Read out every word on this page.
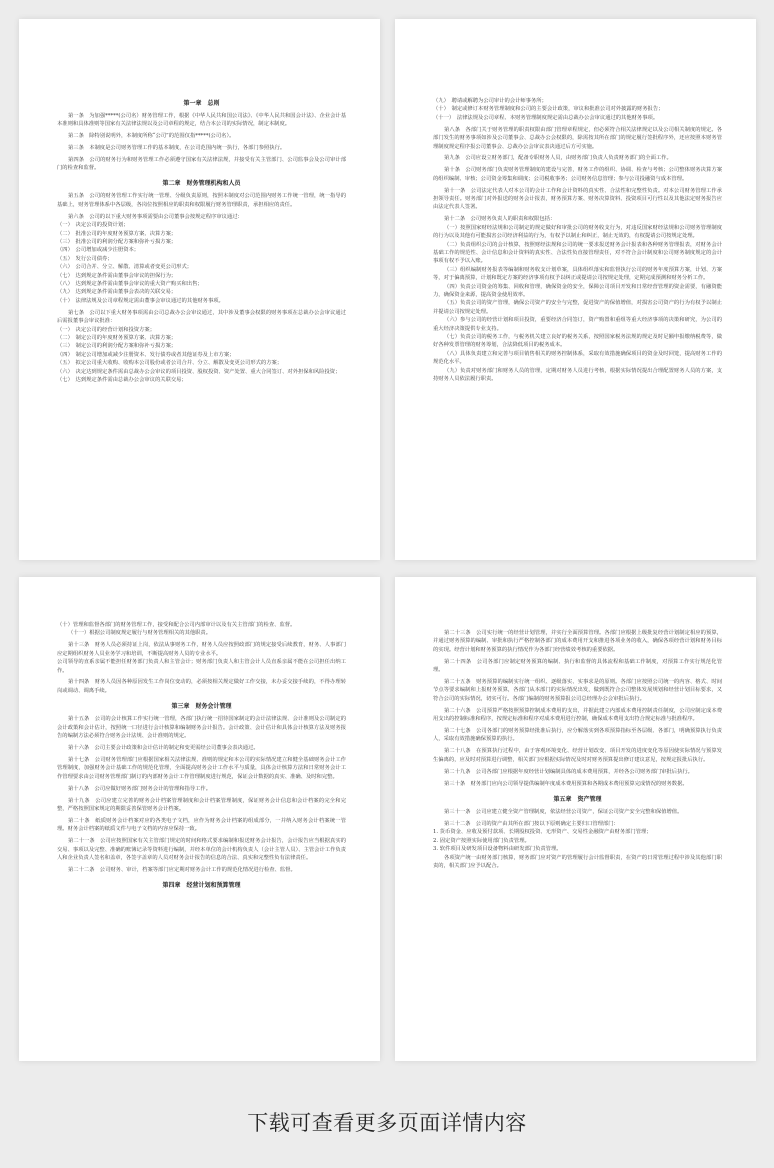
第一章　总则

第一条　为加强*****(公司名）财务管理工作，根据《中华人民共和国公司法》、《中华人民共和国会计法》、企业会计基本准则和具体准则等国家有关法律法规以及公司章程的规定，结合本公司的实际情况，制定本制度。

第二条　除特别说明外，本制度所称“公司”的范围仅指*****(公司名）。

第三条　本制度是公司财务管理工作的基本制度，在公司范围内统一执行，各部门参照执行。

第四条　公司的财务行为和财务管理工作必须遵守国家有关法律法规，并接受有关主管部门、公司监事会及公司审计部门的检查和监督。

第二章　财务管理机构和人员

第五条　公司的财务管理工作实行统一管理、分级负责原则，按照本制度对公司范围内财务工作统一管理，统一指导的基础上，财务管理体系中各层级，各岗位按照相应的职责和权限履行财务管理职责，承担相应的责任。

第六条　公司的以下重大财务事项需要由公司董事会按规定程序审议通过：

（一）　决定公司的投资计划；

（二）　批准公司的年度财务预算方案、决算方案；

（三）　批准公司的利润分配方案和弥补亏损方案；

（四）　公司增加或减少注册资本；

（五）　发行公司债券；

（六）　公司合并、分立、解散、清算或者变更公司形式；

（七）　达到规定条件需由董事会审议的担保行为；

（八）　达到规定条件需由董事会审议的重大资产购买和出售；

（九）　达到规定条件需由董事会表决的关联交易；

（十）　法律法规及公司章程规定需由董事会审议通过的其他财务事项。

第七条　公司以下重大财务事项需由公司总裁办公会审议通过，其中涉及董事会权限的财务事项在总裁办公会审议通过后需报董事会审议批准：

（一）　决定公司的经营计划和投资方案；

（二）　制定公司的年度财务预算方案、决算方案；

（三）　制定公司的利润分配方案和弥补亏损方案；

（四）　制定公司增加或减少注册资本、发行债券或者其他证券及上市方案；

（五）　拟定公司重大收购、收购本公司股份或者公司合并、分立、解散及变更公司形式的方案；

（六）　决定达到规定条件需由总裁办公会审议的项目投资、股权投资、资产处置、重大合同签订、对外担保和风险投资；

（七）　达到规定条件需由总裁办公会审议的关联交易；

（九）　聘请或解聘为公司审计的会计师事务所；

（十）　制定或修订本财务管理制度和公司的主要会计政策，审议和批准公司对外披露的财务报告；

（十一）　法律法规及公司章程、本财务管理制度规定需由总裁办公会审议通过的其他财务事项。

第八条　各部门关于财务管理的职责权限由部门管理章程规定，但必须符合相关法律规定以及公司相关制度的规定。各部门发生的财务事项如涉及公司董事会、总裁办公会权限的，除需按其所在部门的规定履行签批程序外，还应按照本财务管理制度规定程序报公司董事会、总裁办公会审议表决通过后方可实施。

第九条　公司应设立财务部门，配备专职财务人员，由财务部门负责人负责财务部门的全面工作。

第十条　公司财务部门负责财务管理制度的建设与完善，财务工作的组织、协调、检查与考核；公司整体财务决算方案的组织编制、审核；公司资金筹集和调度；公司税收事务；公司财务信息管理；参与公司投融资与成本管理。

第十一条　公司法定代表人对本公司的会计工作和会计资料的真实性、合法性和完整性负责。对本公司财务管理工作承担领导责任。财务部门对外报送的财务会计报表，财务预算方案、财务决算资料、投资项目可行性以及其他法定财务报告应由法定代表人签署。

第十二条　公司财务负责人的职责和权限包括：

（一）按照国家财经法规和公司制定的规定做好和审批公司的财务收支行为，对违反国家财经法规和公司财务管理制度的行为以及其他有可能损害公司经济利益的行为，有权予以制止和纠正，制止无效的，有权提请公司按规定处理。

（二）负责组织公司的会计核算，按照财经法规和公司的统一要求报送财务会计报表和各种财务管理报表，对财务会计基础工作的规范性、会计信息和会计资料的真实性、合法性负直接管理责任，对不符合会计制度和公司财务制度规定的会计事项有权不予以入账。

（三）组织编制财务报表等编制和财务收支计划草案，具体组织落实和监督执行公司的财务年度预算方案，计划、方案等，对于偏离预算，计划和既定方案的经济事项有权予以纠正或提请公司按规定处理，定期完成预测和财务分析工作。

（四）负责公司资金的筹集、回收和管理，确保资金的安全，保障公司项目开发和日常经营管理的资金需要，有融资能力，确保资金来源，提高资金使用效率。

（五）负责公司的资产管理，确保公司资产的安全与完整，促进资产的保值增值，对损害公司资产的行为有权予以制止并提请公司按规定处理。

（六）参与公司的经营计划和项目投资，重要经济合同签订，资产购置和重组等重大经济事项的决策和研究，为公司的重大经济决策提供专业支持。

（七）负责公司的税务工作，与税务机关建立良好的税务关系，按照国家税务法规的规定及时足额申报缴纳税费等，做好各种发票管理的财务筹划，合法降低项目的税务成本。

（八）具体负责建立和完善与项目销售相关的财务控制体系，采取有效措施确保项目的资金及时回笼，提高财务工作的规范化水平。

（九）负责对财务部门和财务人员的管理，定期对财务人员进行考核，根据实际情况提出合理配置财务人员的方案，支持财务人员依法履行职责。

（十）管理和监督各部门的财务管理工作，接受和配合公司内部审计以及有关主管部门的检查、监督。

（十一）根据公司制度规定履行与财务管理相关的其他职责。

第十三条　财务人员必须持证上岗，依法从事财务工作，财务人员应按照政部门的规定接受后续教育，财务、人事部门应定期组织财务人员业务学习和培训，不断提高财务人员的专业水平。

公司领导的直系亲属不能担任财务部门负责人和主管会计；财务部门负责人和主管会计人员直系亲属不能在公司担任出纳工作。

第十四条　财务人员因各种原因发生工作岗位变动的，必须按相关规定做好工作交接，未办妥交接手续的，不得办理转岗或调动、调离手续。

第三章　财务会计管理

第十五条　公司的会计核算工作实行统一管理，各部门执行统一招待国家制定的会计法律法规、会计准则及公司制定的会计政策和会计估计，按照统一口径进行会计核算和编制财务会计报告。会计政策、会计估计和具体会计核算方法及财务报告的编制方法必须符合财务会计法规、会计准则的规定。

第十六条　公司主要会计政策和会计估计的制定和变更需经公司董事会表决通过。

第十七条　公司财务管理部门应根据国家相关法律法规、准则的规定和本公司的实际情况建立和健全基础财务会计工作管理制度，加强财务会计基础工作的规范化管理，全面提高财务会计工作水平与质量，具体会计核算方法和日常财务会计工作管理要求由公司财务管理部门制订的内部财务会计工作管理制度进行规范，保证会计数据的真实、准确、及时和完整。

第十八条　公司应做好财务部门财务会计的管理和指导工作。

第十九条　公司应建立完善的财务会计档案管理制度和会计档案管理制度，保证财务会计信息和会计档案的完全和完整，严格按照国家规定的期限妥善保管财务会计档案。

第二十条　纸质财务会计档案对应的各类电子文档，应作为财务会计档案的组成部分，一并纳入财务会计档案统一管理。财务会计档案的纸质文件与电子文档的内容应保持一致。

第二十一条　公司应按照国家有关主管部门规定的时间和格式要求编制和报送财务会计报告，会计报告应当根据真实的交易、事项以及完整、准确的账簿记录等资料进行编制，并经本单位的会计机构负责人（会计主管人员）、主管会计工作负责人和企业负责人签名和盖章，各签字盖章的人员对财务会计报告的信息的合法、真实和完整性负有法律责任。

第二十二条　公司财务、审计，档案等部门应定期对财务会计工作的规范化情况进行检查、监督。

第四章　经营计划和预算管理

第二十三条　公司实行统一的经营计划管理，并实行全面预算管理。各部门应根据上级批复经营计划制定相应的预算，并通过财务预算的编制、审批和执行严格控制各部门的成本费用开支和推进各项业务的收入，确保各项经营计划和财务目标的实现。经营计划和财务预算的执行情况作为各部门经营绩效考核的重要依据。

第二十四条　公司各部门应制定财务预算的编制、执行和监督的具体流程和基础工作制度，对预算工作实行规范化管理。

第二十五条　财务预算的编制实行统一组织、逐级落实、实事求是的原则。各部门应按照公司统一的内容、格式、时间节点等要求编制和上报财务预算，各部门从本部门的实际情况出发，做到既符合公司整体发展规划和经营计划目标要求，又符合公司的实际情况，切实可行。各部门编制的财务预算报公司总经理办公会审批后执行。

第二十六条　公司预算严格按照预算控制成本费用的支出，并据此建立内部成本费用控制责任制度，公司应制定成本费用支出的控制标准和程序，按规定标准和程序对成本费用进行控制，确保成本费用支出符合规定标准与批准程序。

第二十七条　公司各部门的财务预算经批准后执行，应分解落实到各项预算指标至各层级、各部门，明确预算执行负责人，采取有效措施确保预算的执行。

第二十八条　在预算执行过程中，由于客观环境变化、经营计划改变、项目开发的进度变化等原因使实际情况与预算发生偏离的，应及时对预算进行调整，相关部门应根据实际情况及时对财务预算提出修订建议意见，按规定报批后执行。

第二十九条　公司各部门应根据年度经营计划编制具体的成本费用预算，并经各公司财务部门审批后执行。

第三十条　财务部门应向公司领导提供编制年度成本费用预算和各期成本费用预算完成情况的财务数据。

第五章　资产管理

第三十一条　公司应建立健全资产管理制度，依法经营公司资产，保证公司资产安全完整和保值增值。

第三十二条　公司的资产由其所在部门按以下原则确定主要归口管理部门：

1. 货币资金、应收及预付款项、长期股权投资、无形资产、交易性金融资产由财务部门管理；

2. 固定资产按照实际使用部门负责管理。

3. 软件项目及研发项目设备物料由研发部门负责管理。

各项资产统一由财务部门核算，财务部门应对资产的管理履行会计监督职责，在资产的日常管理过程中涉及其他部门职责的，相关部门应予以配合。

下载可查看更多页面详情内容
